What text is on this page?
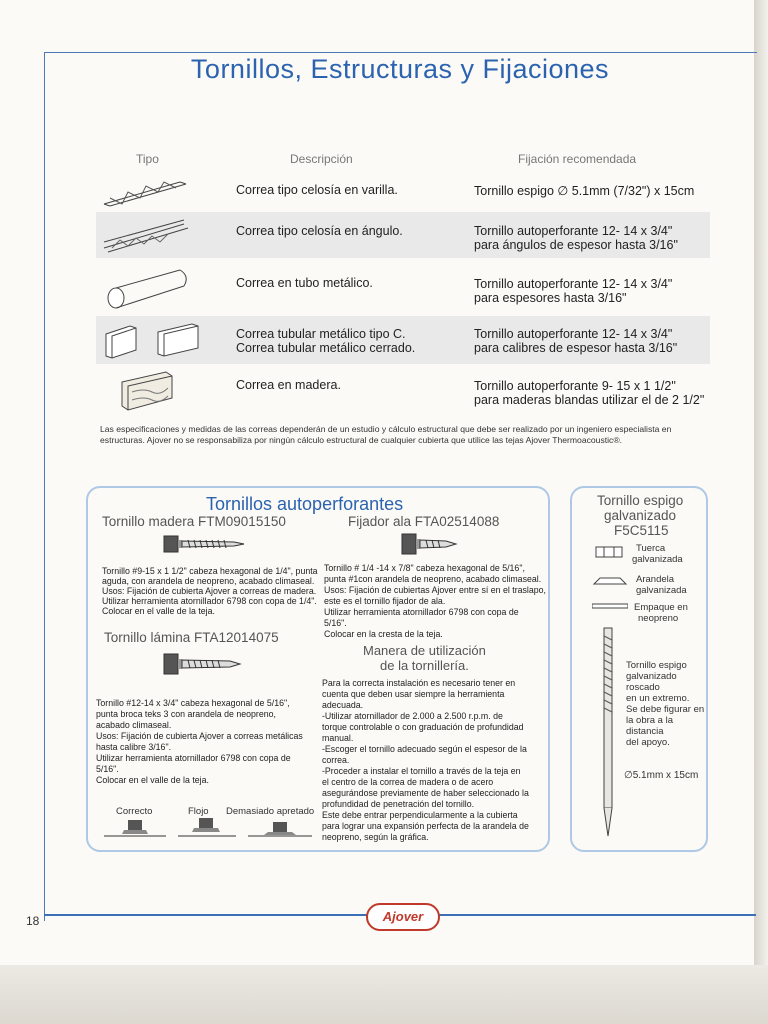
Tornillos, Estructuras y Fijaciones
Tipo	Descripción	Fijación recomendada
Correa tipo celosía en varilla.	Tornillo espigo ∅ 5.1mm (7/32") x 15cm
Correa tipo celosía en ángulo.	Tornillo autoperforante 12- 14 x 3/4"
para ángulos de espesor hasta 3/16"
Correa en tubo metálico.	Tornillo autoperforante 12- 14 x 3/4"
para espesores hasta 3/16"
Correa tubular metálico tipo C.
Correa tubular metálico cerrado.
Tornillo autoperforante 12- 14 x 3/4"
para calibres de espesor hasta 3/16"
Correa en madera.	Tornillo autoperforante 9- 15 x 1 1/2"
para maderas blandas utilizar el de 2 1/2"
Las especificaciones y medidas de las correas dependerán de un estudio y cálculo estructural que debe ser realizado por un ingeniero especialista en estructuras. Ajover no se responsabiliza por ningún cálculo estructural de cualquier cubierta que utilice las tejas Ajover Thermoacoustic®.
Tornillos autoperforantes
Tornillo madera FTM09015150
Tornillo #9-15 x 1 1/2" cabeza hexagonal de 1/4", punta
aguda, con arandela de neopreno, acabado climaseal.
Usos: Fijación de cubierta Ajover a correas de madera.
Utilizar herramienta atornillador 6798 con copa de 1/4".
Colocar en el valle de la teja.
Fijador ala FTA02514088
Tornillo # 1/4 -14 x 7/8" cabeza hexagonal de 5/16",
punta #1con arandela de neopreno, acabado climaseal.
Usos: Fijación de cubiertas Ajover entre sí en el traslapo,
este es el tornillo fijador de ala.
Utilizar herramienta atornillador 6798 con copa de
5/16".
Colocar en la cresta de la teja.
Tornillo lámina FTA12014075
Tornillo #12-14 x 3/4" cabeza hexagonal de 5/16",
punta broca teks 3 con arandela de neopreno,
acabado climaseal.
Usos: Fijación de cubierta Ajover a correas metálicas
hasta calibre 3/16".
Utilizar herramienta atornillador 6798 con copa de
5/16".
Colocar en el valle de la teja.
Manera de utilización
de la tornillería.
Para la correcta instalación es necesario tener en
cuenta que deben usar siempre la herramienta
adecuada.
-Utilizar atornillador de 2.000 a 2.500 r.p.m. de
torque controlable o con graduación de profundidad
manual.
-Escoger el tornillo adecuado según el espesor de la
correa.
-Proceder a instalar el tornillo a través de la teja en
el centro de la correa de madera o de acero
asegurándose previamente de haber seleccionado la
profundidad de penetración del tornillo.
Este debe entrar perpendicularmente a la cubierta
para lograr una expansión perfecta de la arandela de
neopreno, según la gráfica.
Correcto	Flojo Demasiado apretado
Tornillo espigo
galvanizado
F5C5115
Tuerca
galvanizada
Arandela
galvanizada
Empaque en
neopreno
Tornillo espigo
galvanizado
roscado
en un extremo.
Se debe figurar en
la obra a la
distancia
del apoyo.
∅5.1mm x 15cm
18	Ajover
